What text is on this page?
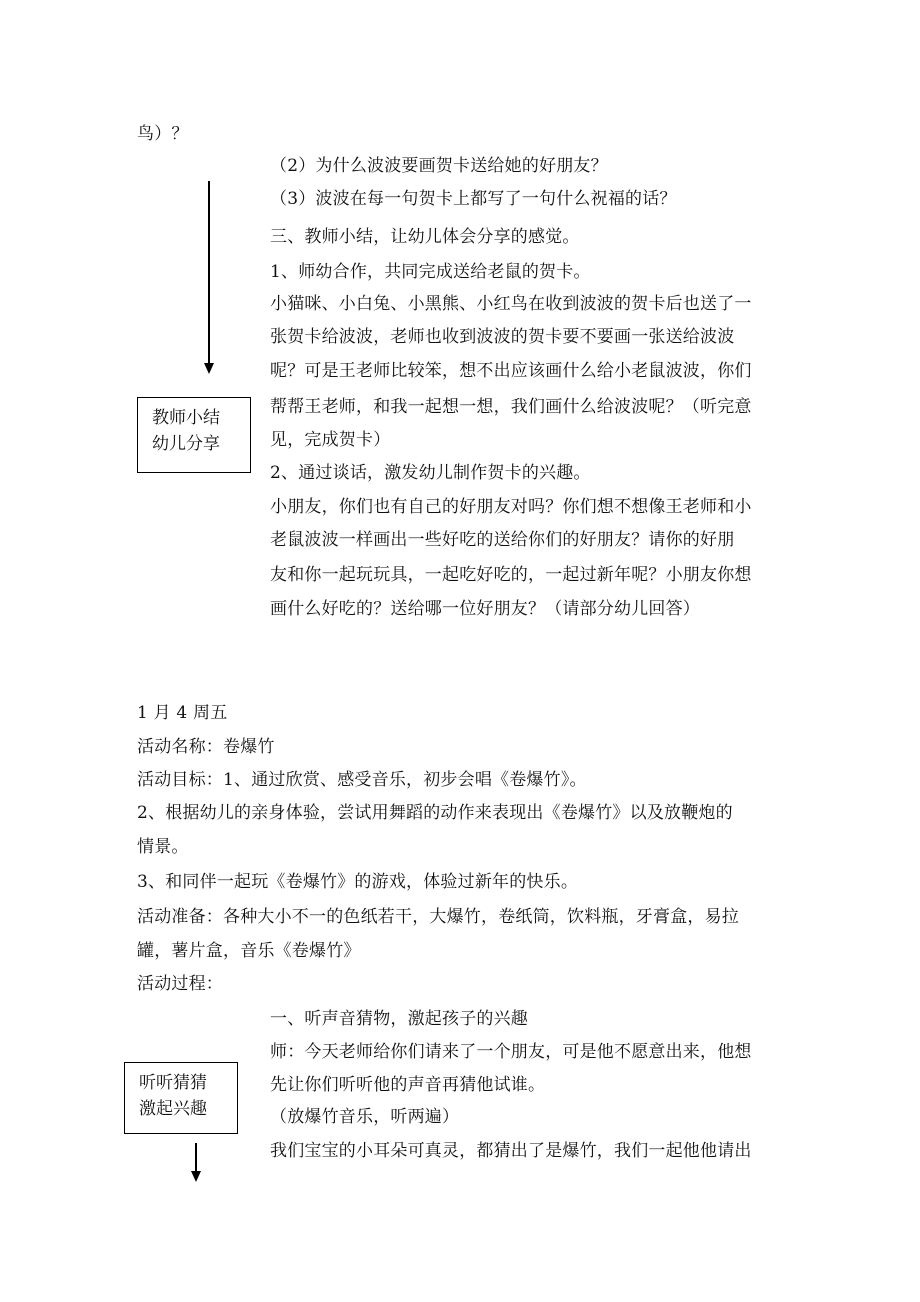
鸟）？
（2）为什么波波要画贺卡送给她的好朋友？
（3）波波在每一句贺卡上都写了一句什么祝福的话？
三、教师小结，让幼儿体会分享的感觉。
1、师幼合作，共同完成送给老鼠的贺卡。
小猫咪、小白兔、小黑熊、小红鸟在收到波波的贺卡后也送了一
张贺卡给波波，老师也收到波波的贺卡要不要画一张送给波波
呢？可是王老师比较笨，想不出应该画什么给小老鼠波波，你们
帮帮王老师，和我一起想一想，我们画什么给波波呢？（听完意
见，完成贺卡）
2、通过谈话，激发幼儿制作贺卡的兴趣。
小朋友，你们也有自己的好朋友对吗？你们想不想像王老师和小
老鼠波波一样画出一些好吃的送给你们的好朋友？请你的好朋
友和你一起玩玩具，一起吃好吃的，一起过新年呢？小朋友你想
画什么好吃的？送给哪一位好朋友？（请部分幼儿回答）
教师小结
幼儿分享
1 月 4 周五
活动名称：卷爆竹
活动目标：1、通过欣赏、感受音乐，初步会唱《卷爆竹》。
2、根据幼儿的亲身体验，尝试用舞蹈的动作来表现出《卷爆竹》以及放鞭炮的
情景。
3、和同伴一起玩《卷爆竹》的游戏，体验过新年的快乐。
活动准备：各种大小不一的色纸若干，大爆竹，卷纸筒，饮料瓶，牙膏盒，易拉
罐，薯片盒，音乐《卷爆竹》
活动过程：
一、听声音猜物，激起孩子的兴趣
师：今天老师给你们请来了一个朋友，可是他不愿意出来，他想
先让你们听听他的声音再猜他试谁。
（放爆竹音乐，听两遍）
我们宝宝的小耳朵可真灵，都猜出了是爆竹，我们一起他他请出
听听猜猜
激起兴趣
